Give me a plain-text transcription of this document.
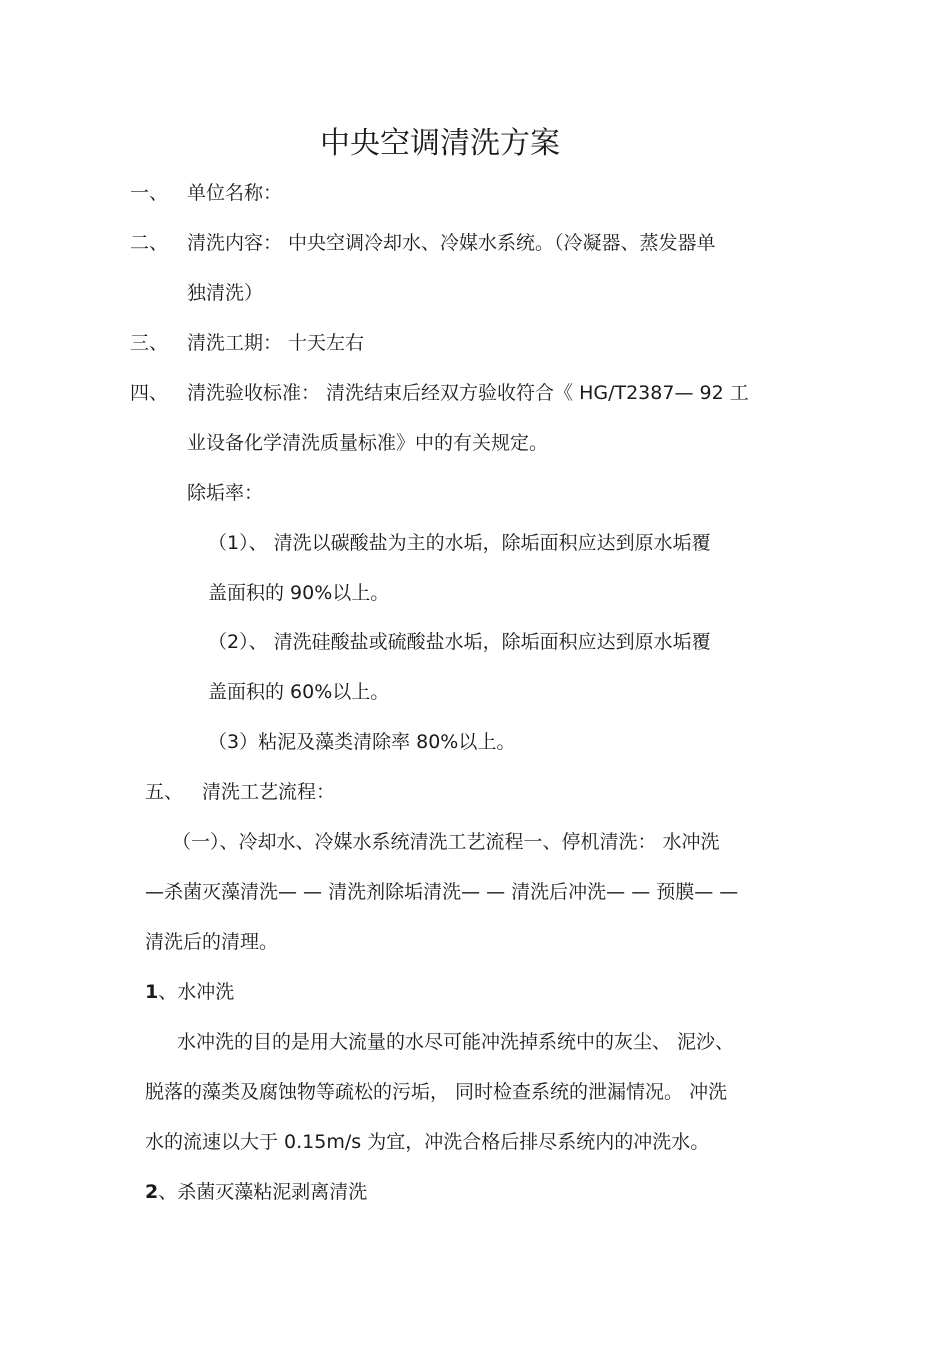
中央空调清洗方案
一、 单位名称：
二、 清洗内容： 中央空调冷却水、冷媒水系统。（冷凝器、蒸发器单
独清洗）
三、 清洗工期： 十天左右
四、 清洗验收标准： 清洗结束后经双方验收符合《 HG/T2387— 92 工
业设备化学清洗质量标准》中的有关规定。
除垢率：
（1）、 清洗以碳酸盐为主的水垢，除垢面积应达到原水垢覆
盖面积的 90%以上。
（2）、 清洗硅酸盐或硫酸盐水垢，除垢面积应达到原水垢覆
盖面积的 60%以上。
（3）粘泥及藻类清除率 80%以上。
五、 清洗工艺流程：
（一）、冷却水、冷媒水系统清洗工艺流程一、停机清洗： 水冲洗
—杀菌灭藻清洗— — 清洗剂除垢清洗— — 清洗后冲洗— — 预膜— —
清洗后的清理。
1、水冲洗
水冲洗的目的是用大流量的水尽可能冲洗掉系统中的灰尘、 泥沙、
脱落的藻类及腐蚀物等疏松的污垢， 同时检查系统的泄漏情况。 冲洗
水的流速以大于 0.15m/s 为宜，冲洗合格后排尽系统内的冲洗水。
2、杀菌灭藻粘泥剥离清洗
